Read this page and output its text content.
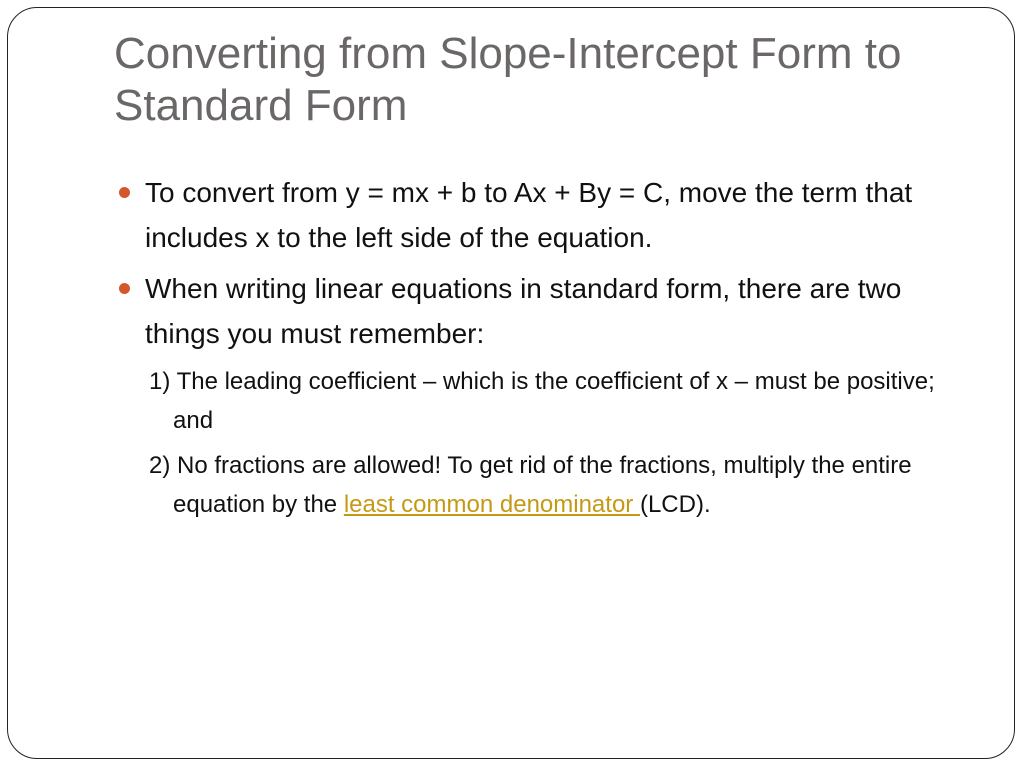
Converting from Slope-Intercept Form to Standard Form
To convert from y = mx + b to Ax + By = C, move the term that includes x to the left side of the equation.
When writing linear equations in standard form, there are two things you must remember:
1) The leading coefficient – which is the coefficient of x – must be positive; and
2) No fractions are allowed! To get rid of the fractions, multiply the entire equation by the least common denominator (LCD).
